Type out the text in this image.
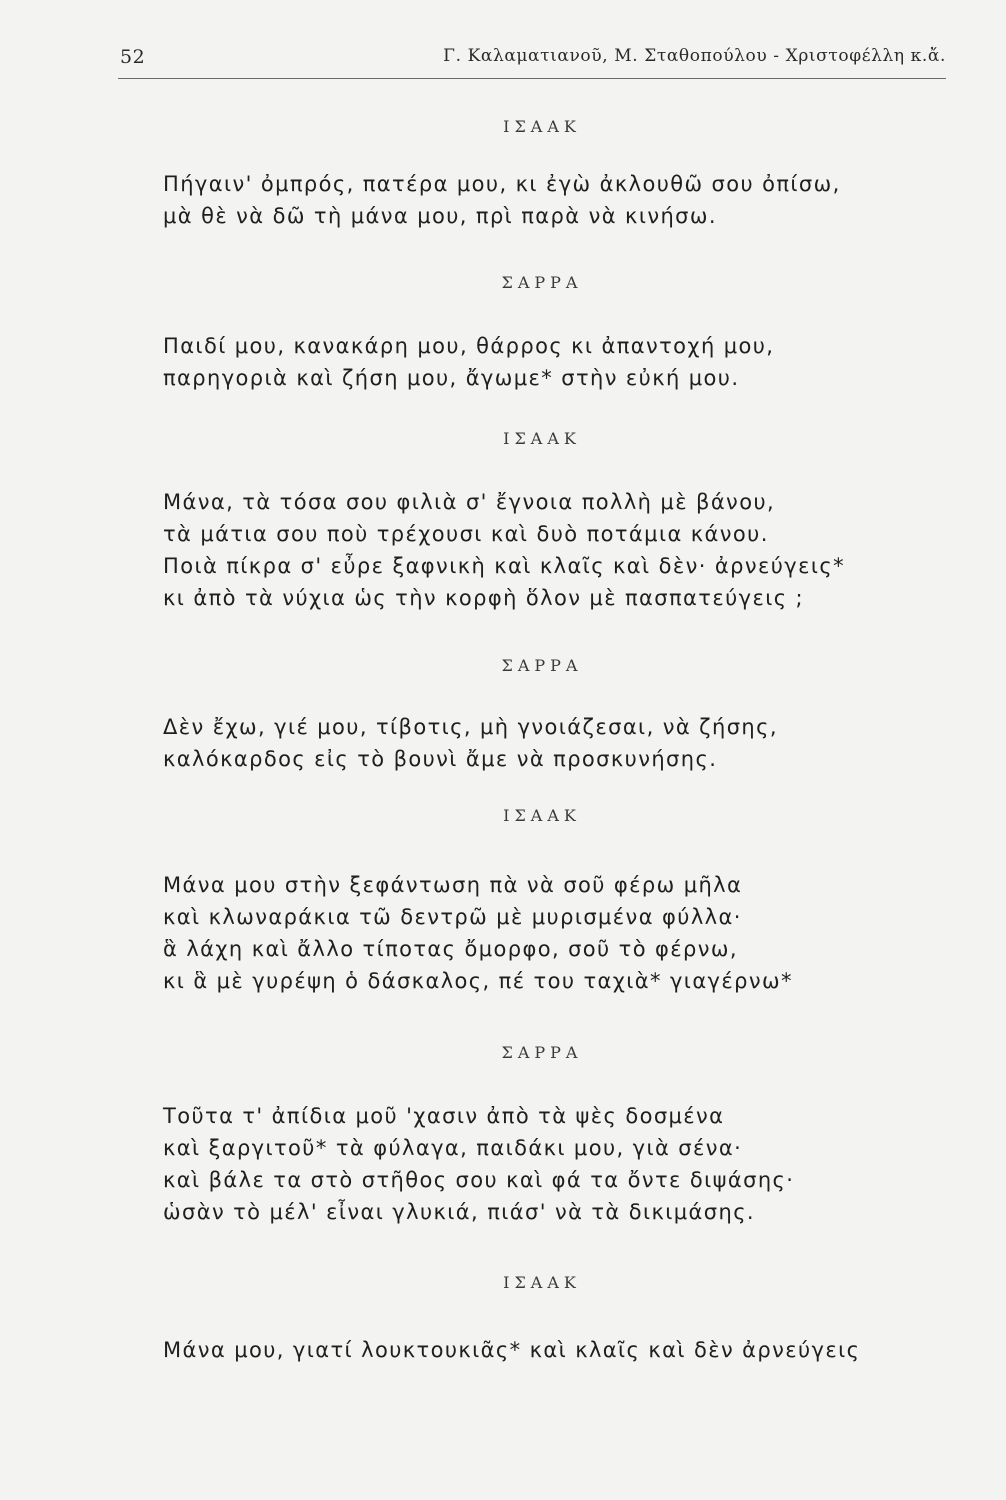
52	Γ. Καλαματιανοῦ, Μ. Σταθοπούλου - Χριστοφέλλη κ.ἄ.
ΙΣΑΑΚ
Πήγαιν' ὀμπρός, πατέρα μου, κι ἐγὼ ἀκλουθῶ σου ὀπίσω,
μὰ θὲ νὰ δῶ τὴ μάνα μου, πρὶ παρὰ νὰ κινήσω.
ΣΑΡΡΑ
Παιδί μου, κανακάρη μου, θάρρος κι ἀπαντοχή μου,
παρηγοριὰ καὶ ζήση μου, ἄγωμε* στὴν εὐκή μου.
ΙΣΑΑΚ
Μάνα, τὰ τόσα σου φιλιὰ σ' ἔγνοια πολλὴ μὲ βάνου,
τὰ μάτια σου ποὺ τρέχουσι καὶ δυὸ ποτάμια κάνου.
Ποιὰ πίκρα σ' εὖρε ξαφνικὴ καὶ κλαῖς καὶ δὲν· ἀρνεύγεις*
κι ἀπὸ τὰ νύχια ὡς τὴν κορφὴ ὅλον μὲ πασπατεύγεις ;
ΣΑΡΡΑ
Δὲν ἔχω, γιέ μου, τίβοτις, μὴ γνοιάζεσαι, νὰ ζήσης,
καλόκαρδος εἰς τὸ βουνὶ ἄμε νὰ προσκυνήσης.
ΙΣΑΑΚ
Μάνα μου στὴν ξεφάντωση πὰ νὰ σοῦ φέρω μῆλα
καὶ κλωναράκια τῶ δεντρῶ μὲ μυρισμένα φύλλα·
ἃ λάχη καὶ ἄλλο τίποτας ὄμορφο, σοῦ τὸ φέρνω,
κι ἃ μὲ γυρέψη ὁ δάσκαλος, πέ του ταχιὰ* γιαγέρνω*
ΣΑΡΡΑ
Τοῦτα τ' ἀπίδια μοῦ 'χασιν ἀπὸ τὰ ψὲς δοσμένα
καὶ ξαργιτοῦ* τὰ φύλαγα, παιδάκι μου, γιὰ σένα·
καὶ βάλε τα στὸ στῆθος σου καὶ φά τα ὄντε διψάσης·
ὡσὰν τὸ μέλ' εἶναι γλυκιά, πιάσ' νὰ τὰ δικιμάσης.
ΙΣΑΑΚ
Μάνα μου, γιατί λουκτουκιᾶς* καὶ κλαῖς καὶ δὲν ἀρνεύγεις
